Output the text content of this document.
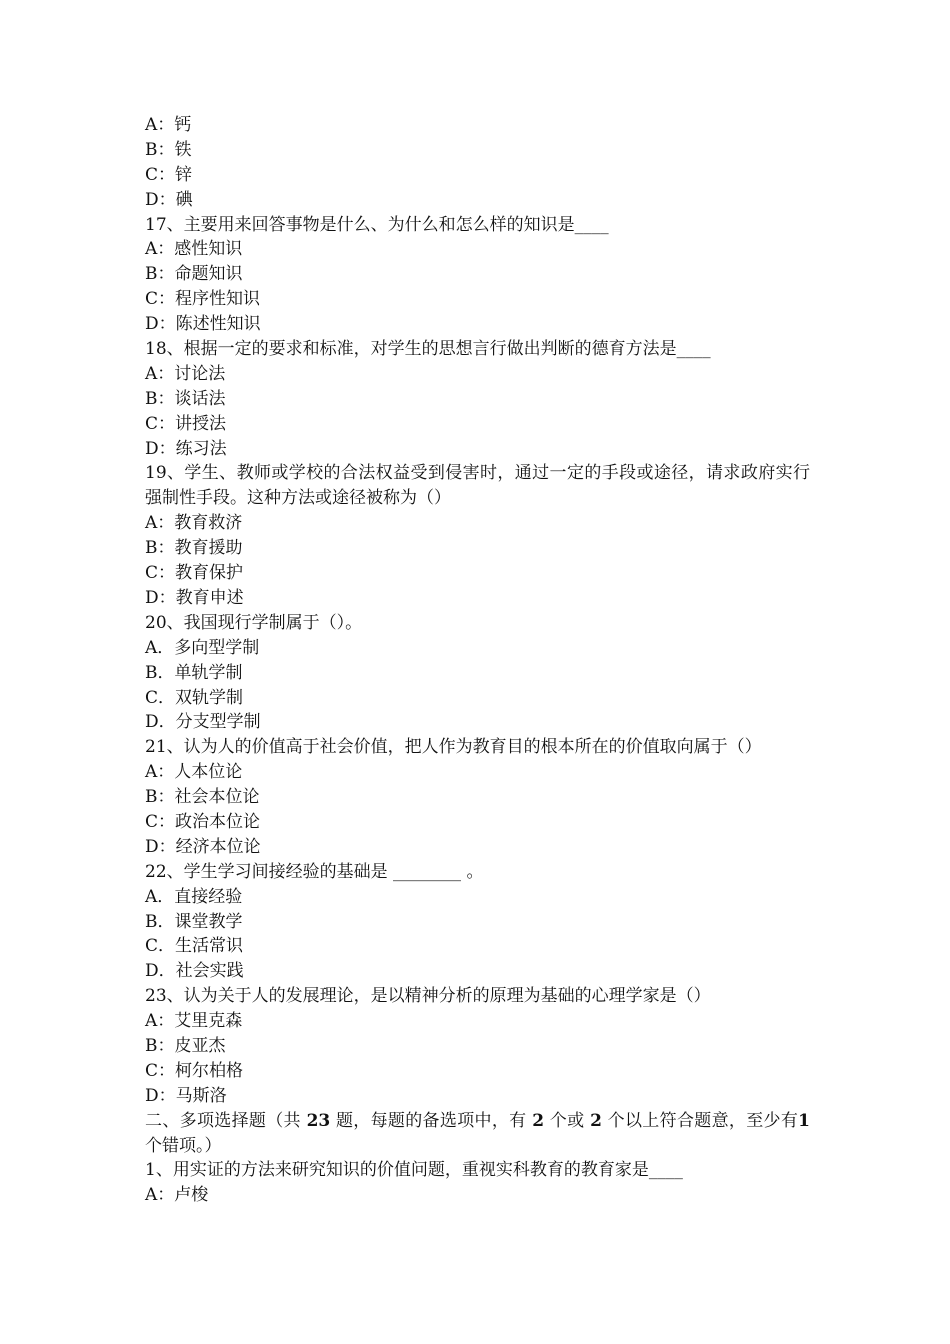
A：钙
B：铁
C：锌
D：碘
17、主要用来回答事物是什么、为什么和怎么样的知识是____
A：感性知识
B：命题知识
C：程序性知识
D：陈述性知识
18、根据一定的要求和标准，对学生的思想言行做出判断的德育方法是____
A：讨论法
B：谈话法
C：讲授法
D：练习法
19、学生、教师或学校的合法权益受到侵害时，通过一定的手段或途径，请求政府实行强制性手段。这种方法或途径被称为（）
A：教育救济
B：教育援助
C：教育保护
D：教育申述
20、我国现行学制属于（）。
A．多向型学制
B．单轨学制
C．双轨学制
D．分支型学制
21、认为人的价值高于社会价值，把人作为教育目的根本所在的价值取向属于（）
A：人本位论
B：社会本位论
C：政治本位论
D：经济本位论
22、学生学习间接经验的基础是 ________ 。
A．直接经验
B．课堂教学
C．生活常识
D．社会实践
23、认为关于人的发展理论，是以精神分析的原理为基础的心理学家是（）
A：艾里克森
B：皮亚杰
C：柯尔柏格
D：马斯洛
二、多项选择题（共 23 题，每题的备选项中，有 2 个或 2 个以上符合题意，至少有1 个错项。）
1、用实证的方法来研究知识的价值问题，重视实科教育的教育家是____
A：卢梭
